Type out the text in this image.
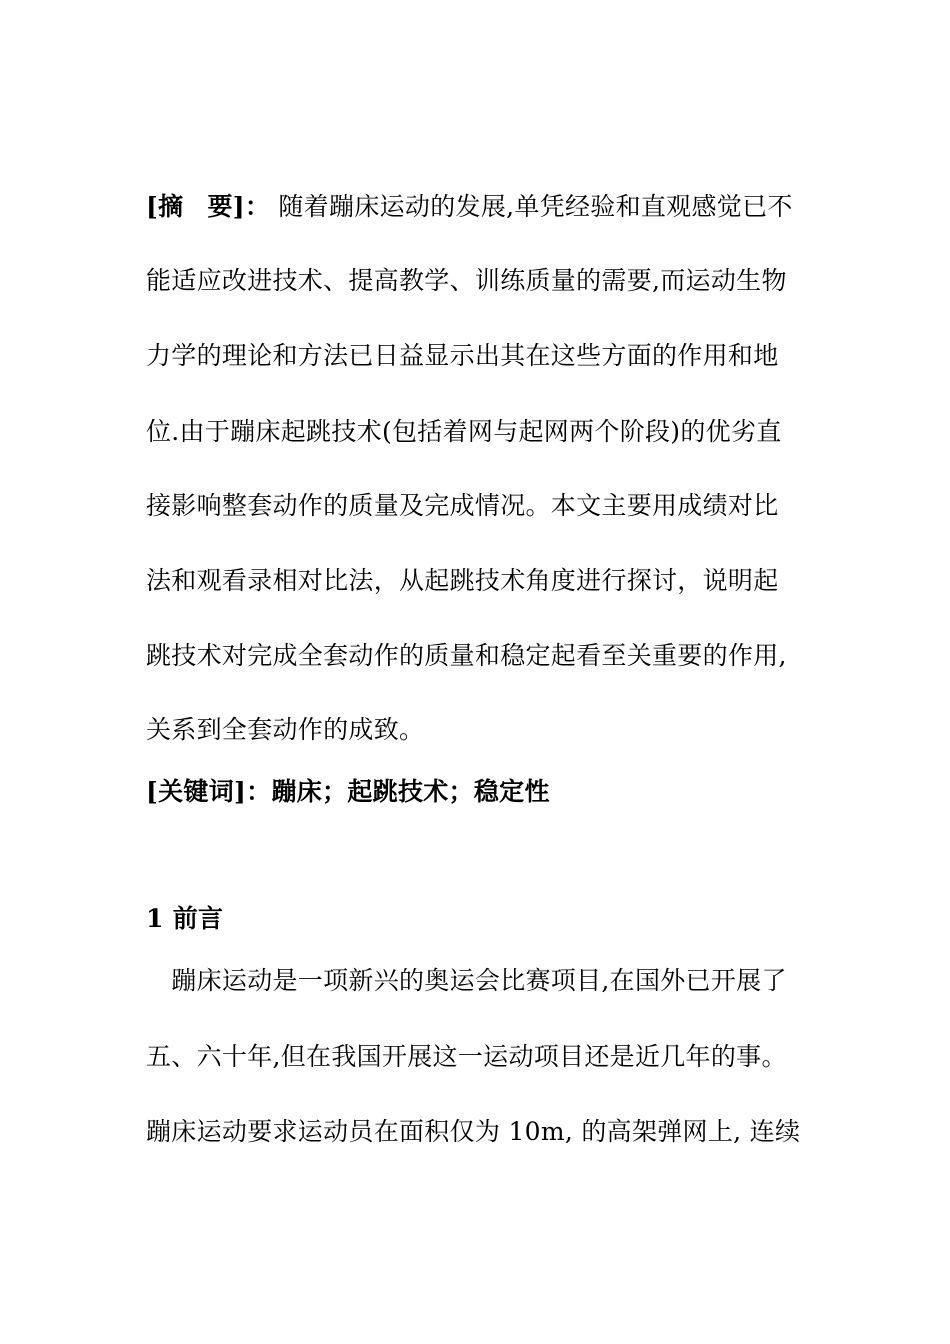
[摘 要]： 随着蹦床运动的发展,单凭经验和直观感觉已不
能适应改进技术、提高教学、训练质量的需要,而运动生物
力学的理论和方法已日益显示出其在这些方面的作用和地
位.由于蹦床起跳技术(包括着网与起网两个阶段)的优劣直
接影响整套动作的质量及完成情况。本文主要用成绩对比
法和观看录相对比法，从起跳技术角度进行探讨，说明起
跳技术对完成全套动作的质量和稳定起看至关重要的作用,
关系到全套动作的成致。
[关键词]：蹦床；起跳技术；稳定性
1 前言
　蹦床运动是一项新兴的奥运会比赛项目,在国外已开展了
五、六十年,但在我国开展这一运动项目还是近几年的事。
蹦床运动要求运动员在面积仅为 10m, 的高架弹网上, 连续
